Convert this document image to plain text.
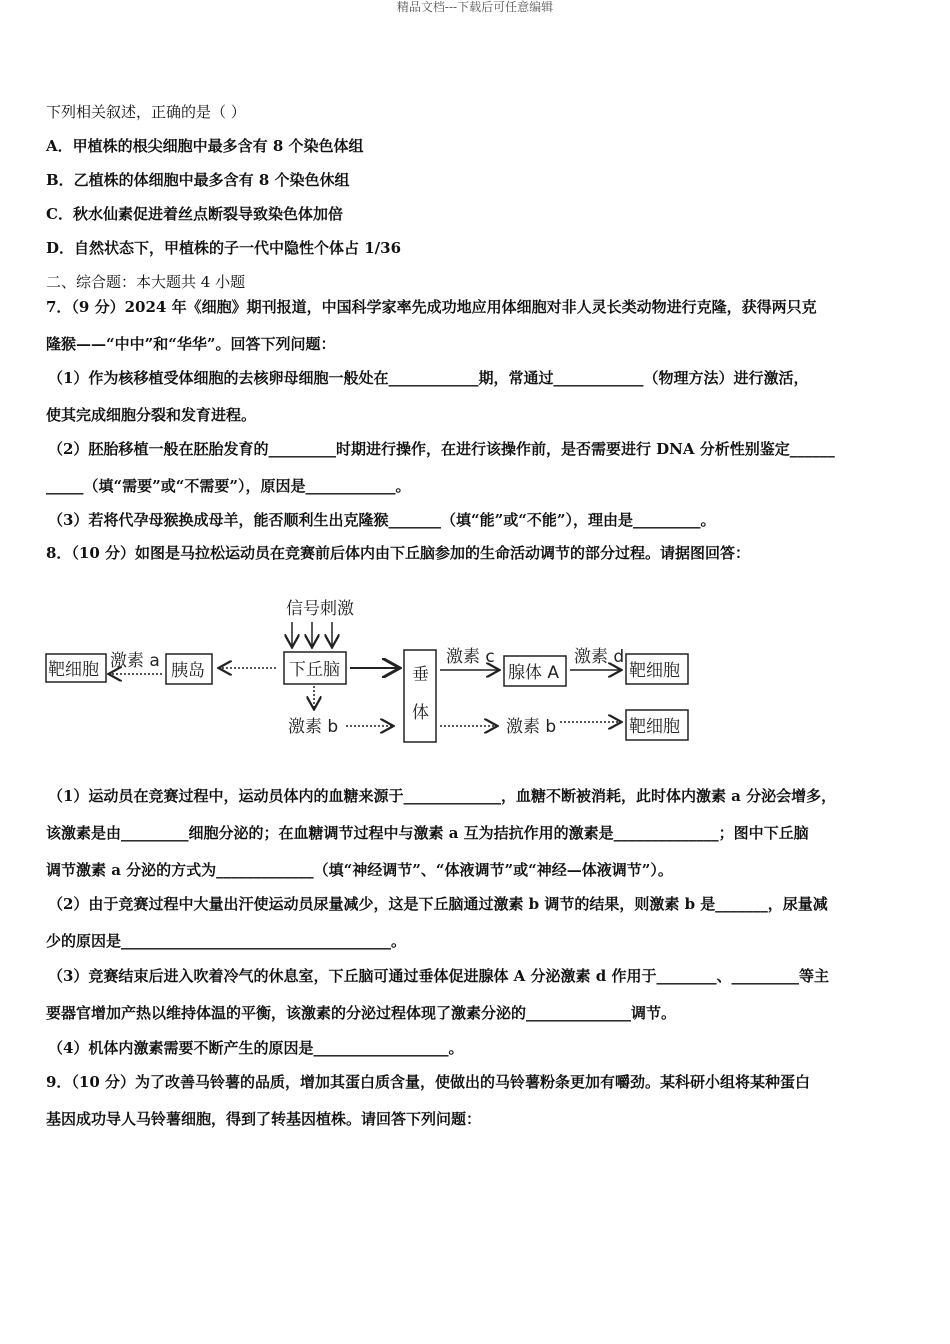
精品文档---下载后可任意编辑
下列相关叙述，正确的是（ ）
A．甲植株的根尖细胞中最多含有 8 个染色体组
B．乙植株的体细胞中最多含有 8 个染色休组
C．秋水仙素促进着丝点断裂导致染色体加倍
D．自然状态下，甲植株的子一代中隐性个体占 1/36
二、综合题：本大题共 4 小题
7．（9 分）2024 年《细胞》期刊报道，中国科学家率先成功地应用体细胞对非人灵长类动物进行克隆，获得两只克
隆猴——“中中”和“华华”。回答下列问题：
（1）作为核移植受体细胞的去核卵母细胞一般处在____________期，常通过____________（物理方法）进行激活，
使其完成细胞分裂和发育进程。
（2）胚胎移植一般在胚胎发育的_________时期进行操作，在进行该操作前，是否需要进行 DNA 分析性别鉴定______
_____（填“需要”或“不需要”），原因是____________。
（3）若将代孕母猴换成母羊，能否顺利生出克隆猴_______（填“能”或“不能”），理由是_________。
8．（10 分）如图是马拉松运动员在竞赛前后体内由下丘脑参加的生命活动调节的部分过程。请据图回答：
信号刺激
下丘脑
胰岛
靶细胞 激素 a
激素 b
垂
体
激素 c
腺体 A
激素 d
靶细胞
激素 b	靶细胞
（1）运动员在竞赛过程中，运动员体内的血糖来源于_____________，血糖不断被消耗，此时体内激素 a 分泌会增多，
该激素是由_________细胞分泌的；在血糖调节过程中与激素 a 互为拮抗作用的激素是______________；图中下丘脑
调节激素 a 分泌的方式为_____________（填“神经调节”、“体液调节”或“神经—体液调节”）。
（2）由于竞赛过程中大量出汗使运动员尿量减少，这是下丘脑通过激素 b 调节的结果，则激素 b 是_______，尿量减
少的原因是____________________________________。
（3）竞赛结束后进入吹着冷气的休息室，下丘脑可通过垂体促进腺体 A 分泌激素 d 作用于________、_________等主
要器官增加产热以维持体温的平衡，该激素的分泌过程体现了激素分泌的______________调节。
（4）机体内激素需要不断产生的原因是__________________。
9．（10 分）为了改善马铃薯的品质，增加其蛋白质含量，使做出的马铃薯粉条更加有嚼劲。某科研小组将某种蛋白
基因成功导人马铃薯细胞，得到了转基因植株。请回答下列问题：
